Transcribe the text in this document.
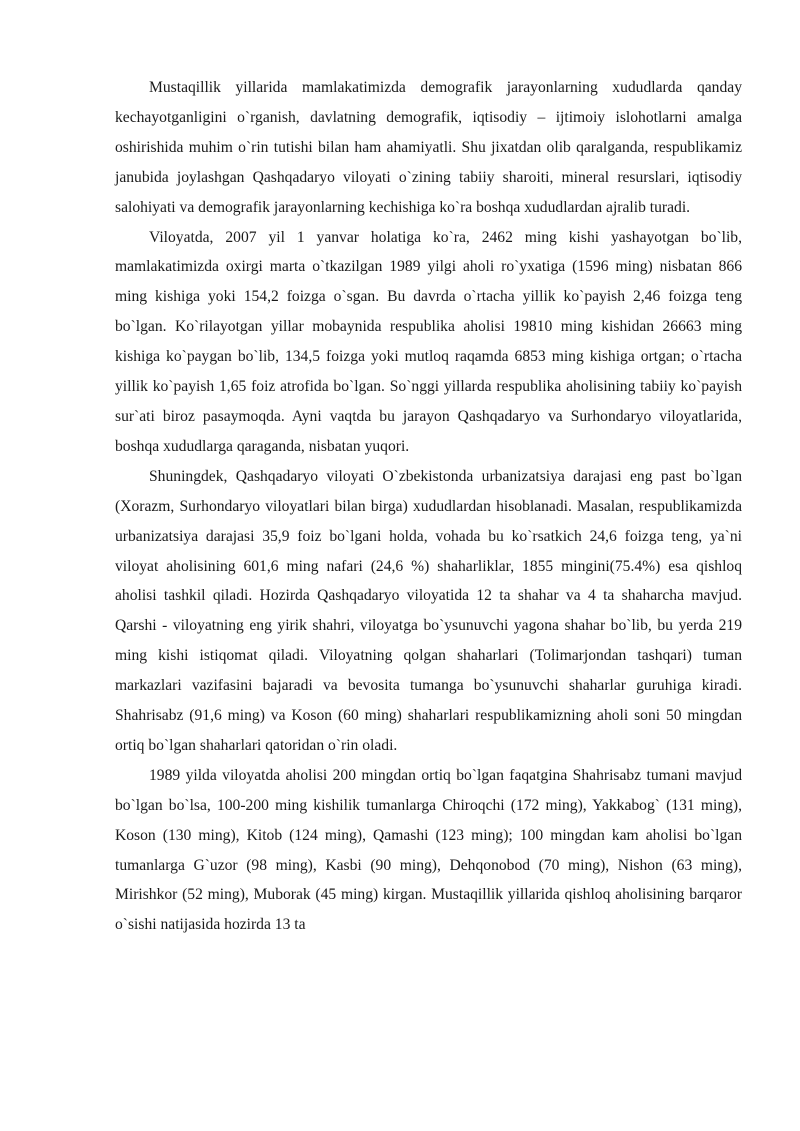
Mustaqillik yillarida mamlakatimizda demografik jarayonlarning xududlarda qanday kechayotganligini o`rganish, davlatning demografik, iqtisodiy – ijtimoiy islohotlarni amalga oshirishida muhim o`rin tutishi bilan ham ahamiyatli. Shu jixatdan olib qaralganda, respublikamiz janubida joylashgan Qashqadaryo viloyati o`zining tabiiy sharoiti, mineral resurslari, iqtisodiy salohiyati va demografik jarayonlarning kechishiga ko`ra boshqa xududlardan ajralib turadi.

Viloyatda, 2007 yil 1 yanvar holatiga ko`ra, 2462 ming kishi yashayotgan bo`lib, mamlakatimizda oxirgi marta o`tkazilgan 1989 yilgi aholi ro`yxatiga (1596 ming) nisbatan 866 ming kishiga yoki 154,2 foizga o`sgan. Bu davrda o`rtacha yillik ko`payish 2,46 foizga teng bo`lgan. Ko`rilayotgan yillar mobaynida respublika aholisi 19810 ming kishidan 26663 ming kishiga ko`paygan bo`lib, 134,5 foizga yoki mutloq raqamda 6853 ming kishiga ortgan; o`rtacha yillik ko`payish 1,65 foiz atrofida bo`lgan. So`nggi yillarda respublika aholisining tabiiy ko`payish sur`ati biroz pasaymoqda. Ayni vaqtda bu jarayon Qashqadaryo va Surhondaryo viloyatlarida, boshqa xududlarga qaraganda, nisbatan yuqori.

Shuningdek, Qashqadaryo viloyati O`zbekistonda urbanizatsiya darajasi eng past bo`lgan (Xorazm, Surhondaryo viloyatlari bilan birga) xududlardan hisoblanadi. Masalan, respublikamizda urbanizatsiya darajasi 35,9 foiz bo`lgani holda, vohada bu ko`rsatkich 24,6 foizga teng, ya`ni viloyat aholisining 601,6 ming nafari (24,6 %) shaharliklar, 1855 mingini(75.4%) esa qishloq aholisi tashkil qiladi. Hozirda Qashqadaryo viloyatida 12 ta shahar va 4 ta shaharcha mavjud. Qarshi - viloyatning eng yirik shahri, viloyatga bo`ysunuvchi yagona shahar bo`lib, bu yerda 219 ming kishi istiqomat qiladi. Viloyatning qolgan shaharlari (Tolimarjondan tashqari) tuman markazlari vazifasini bajaradi va bevosita tumanga bo`ysunuvchi shaharlar guruhiga kiradi. Shahrisabz (91,6 ming) va Koson (60 ming) shaharlari respublikamizning aholi soni 50 mingdan ortiq bo`lgan shaharlari qatoridan o`rin oladi.

1989 yilda viloyatda aholisi 200 mingdan ortiq bo`lgan faqatgina Shahrisabz tumani mavjud bo`lgan bo`lsa, 100-200 ming kishilik tumanlarga Chiroqchi (172 ming), Yakkabog` (131 ming), Koson (130 ming), Kitob (124 ming), Qamashi (123 ming); 100 mingdan kam aholisi bo`lgan tumanlarga G`uzor (98 ming), Kasbi (90 ming), Dehqonobod (70 ming), Nishon (63 ming), Mirishkor (52 ming), Muborak (45 ming) kirgan. Mustaqillik yillarida qishloq aholisining barqaror o`sishi natijasida hozirda 13 ta
